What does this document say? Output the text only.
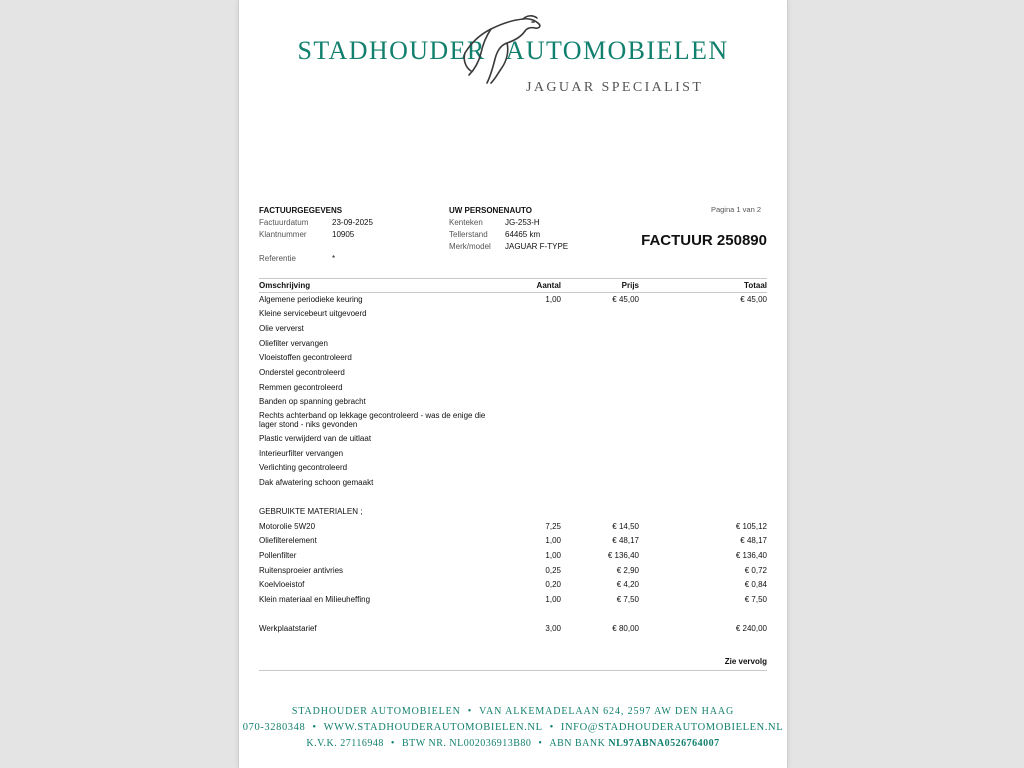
STADHOUDER AUTOMOBIELEN
JAGUAR SPECIALIST
FACTUURGEGEVENS
Factuurdatum	23-09-2025
Klantnummer	10905
Referentie	*
UW PERSONENAUTO
Kenteken	JG-253-H
Tellerstand 64465 km
Merk/model JAGUAR F-TYPE
Pagina 1 van 2
FACTUUR 250890
Omschrijving	Aantal	Prijs	Totaal
Algemene periodieke keuring	1,00	€ 45,00	€ 45,00
Kleine servicebeurt uitgevoerd
Olie ververst
Oliefilter vervangen
Vloeistoffen gecontroleerd
Onderstel gecontroleerd
Remmen gecontroleerd
Banden op spanning gebracht
Rechts achterband op lekkage gecontroleerd - was de enige die
lager stond - niks gevonden
Plastic verwijderd van de uitlaat
Interieurfilter vervangen
Verlichting gecontroleerd
Dak afwatering schoon gemaakt
GEBRUIKTE MATERIALEN ;
Motorolie 5W20	7,25	€ 14,50	€ 105,12
Oliefilterelement	1,00	€ 48,17	€ 48,17
Pollenfilter	1,00	€ 136,40	€ 136,40
Ruitensproeier antivries	0,25	€ 2,90	€ 0,72
Koelvloeistof	0,20	€ 4,20	€ 0,84
Klein materiaal en Milieuheffing	1,00	€ 7,50	€ 7,50
Werkplaatstarief	3,00	€ 80,00	€ 240,00
Zie vervolg
STADHOUDER AUTOMOBIELEN • VAN ALKEMADELAAN 624, 2597 AW DEN HAAG
070-3280348 • WWW.STADHOUDERAUTOMOBIELEN.NL • INFO@STADHOUDERAUTOMOBIELEN.NL
K.V.K. 27116948 • BTW NR. NL002036913B80 • ABN BANK NL97ABNA0526764007
